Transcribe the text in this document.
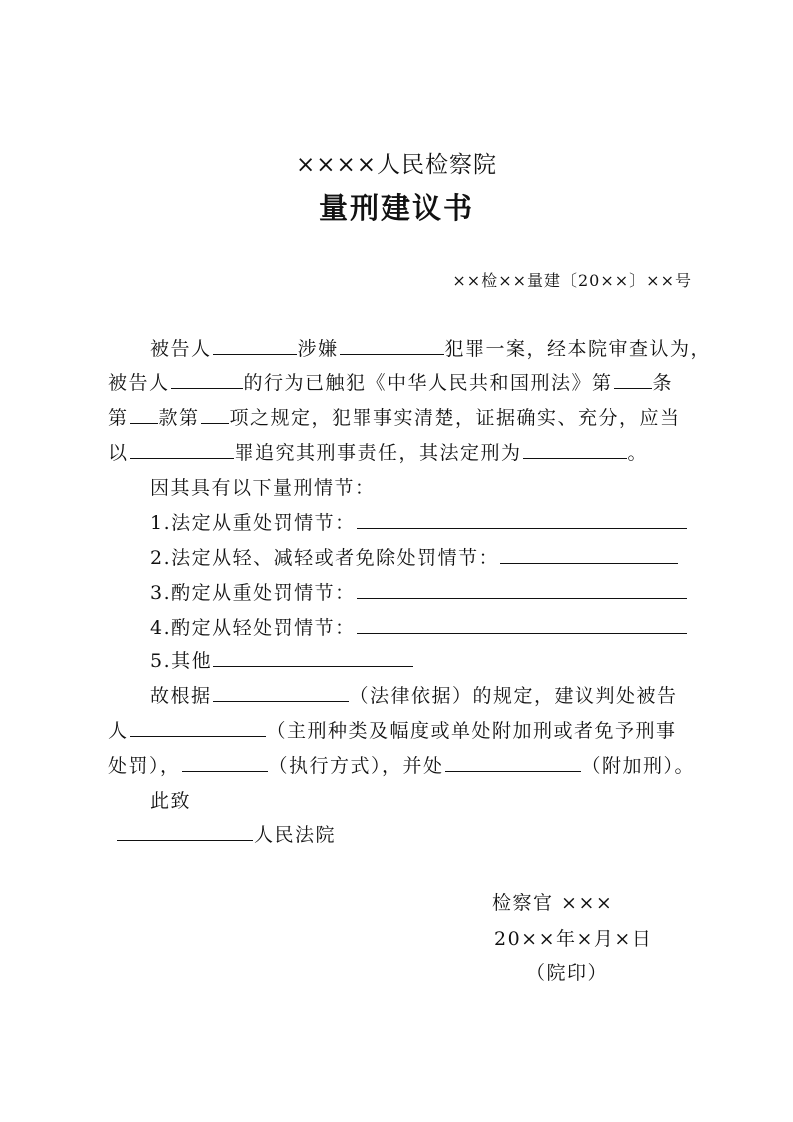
××××人民检察院
量刑建议书
××检××量建〔20××〕××号
被告人	涉嫌	犯罪一案，经本院审查认为，
被告人	的行为已触犯《中华人民共和国刑法》第 条
第 款第 项之规定，犯罪事实清楚，证据确实、充分，应当
以	罪追究其刑事责任，其法定刑为	。
因其具有以下量刑情节：
1.法定从重处罚情节：
2.法定从轻、减轻或者免除处罚情节：
3.酌定从重处罚情节：
4.酌定从轻处罚情节：
5.其他
故根据	（法律依据）的规定，建议判处被告
人	（主刑种类及幅度或单处附加刑或者免予刑事
处罚），	（执行方式），并处	（附加刑）。
此致
人民法院
检察官 ×××
20××年×月×日
（院印）
